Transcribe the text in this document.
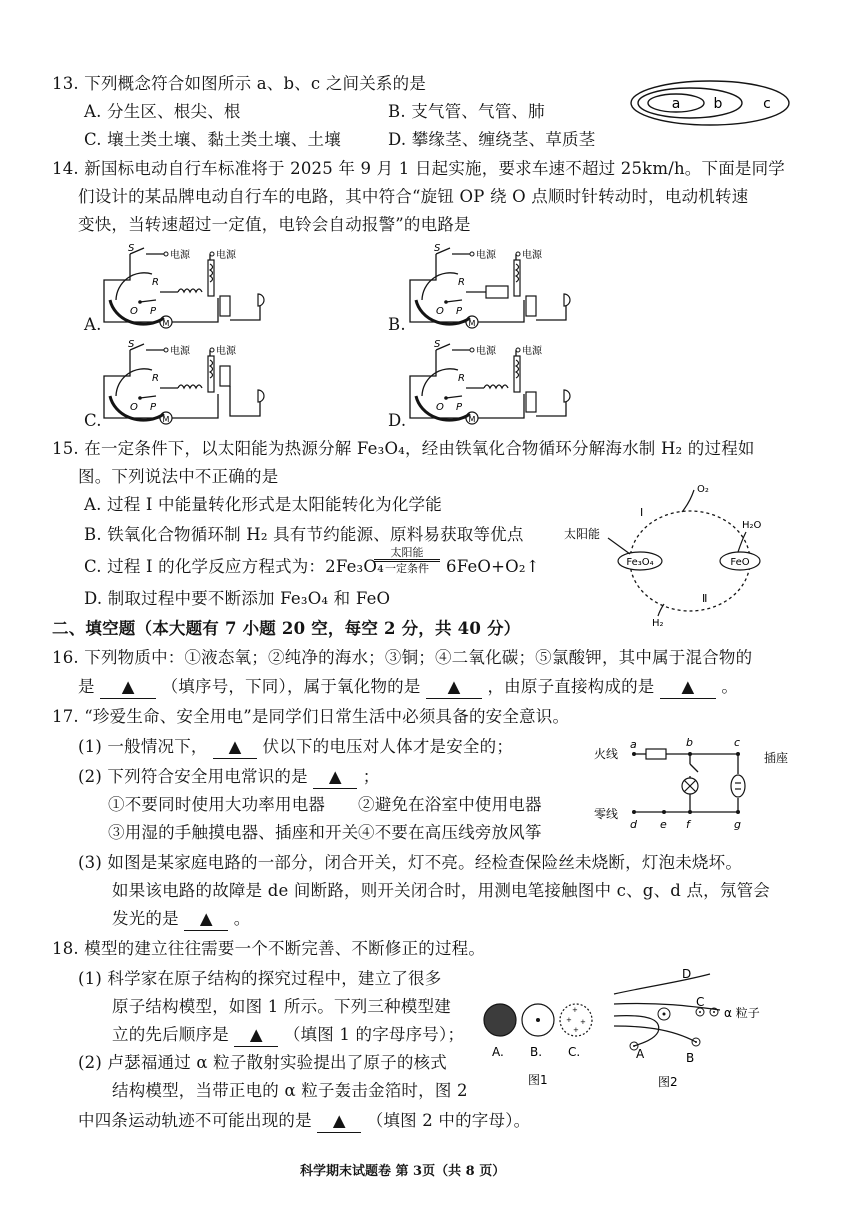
13. 下列概念符合如图所示 a、b、c 之间关系的是
A. 分生区、根尖、根	B. 支气管、气管、肺
C. 壤土类土壤、黏土类土壤、土壤	D. 攀缘茎、缠绕茎、草质茎
a b	c
14. 新国标电动自行车标准将于 2025 年 9 月 1 日起实施，要求车速不超过 25km/h。下面是同学
们设计的某品牌电动自行车的电路，其中符合“旋钮 OP 绕 O 点顺时针转动时，电动机转速
变快，当转速超过一定值，电铃会自动报警”的电路是
A.	B.
C.	D.
S
电源
R
O P
M
电源
S
电源
R
O P
M
电源
S
电源
R
O P
M
电源
S
电源
R
O P
M
电源
15. 在一定条件下，以太阳能为热源分解 Fe₃O₄，经由铁氧化合物循环分解海水制 H₂ 的过程如
图。下列说法中不正确的是
A. 过程 Ⅰ 中能量转化形式是太阳能转化为化学能
B. 铁氧化合物循环制 H₂ 具有节约能源、原料易获取等优点
C. 过程 Ⅰ 的化学反应方程式为：2Fe₃O₄
太阳能
一定条件	6FeO+O₂↑
D. 制取过程中要不断添加 Fe₃O₄ 和 FeO
Fe₃O₄	FeO
太阳能
Ⅰ
O₂
H₂O
H₂
Ⅱ
二、填空题（本大题有 7 小题 20 空，每空 2 分，共 40 分）
16. 下列物质中：①液态氧；②纯净的海水；③铜；④二氧化碳；⑤氯酸钾，其中属于混合物的
是 ▲ （填序号，下同），属于氧化物的是 ▲ ，由原子直接构成的是 ▲ 。
17. “珍爱生命、安全用电”是同学们日常生活中必须具备的安全意识。
(1) 一般情况下， ▲ 伏以下的电压对人体才是安全的；
(2) 下列符合安全用电常识的是 ▲ ；
①不要同时使用大功率用电器 ②避免在浴室中使用电器
③用湿的手触摸电器、插座和开关 ④不要在高压线旁放风筝
(3) 如图是某家庭电路的一部分，闭合开关，灯不亮。经检查保险丝未烧断，灯泡未烧坏。
如果该电路的故障是 de 间断路，则开关闭合时，用测电笔接触图中 c、g、d 点，氖管会
发光的是 ▲ 。
火线
零线
插座
a	b	c
d e f	g
18. 模型的建立往往需要一个不断完善、不断修正的过程。
(1) 科学家在原子结构的探究过程中，建立了很多
原子结构模型，如图 1 所示。下列三种模型建
立的先后顺序是 ▲ （填图 1 的字母序号）；
(2) 卢瑟福通过 α 粒子散射实验提出了原子的核式
结构模型，当带正电的 α 粒子轰击金箔时，图 2
中四条运动轨迹不可能出现的是 ▲ （填图 2 中的字母）。
+
+ +
+
A. B. C.
图1
D
A	B
C
α 粒子
图2
科学期末试题卷 第 3页（共 8 页）
